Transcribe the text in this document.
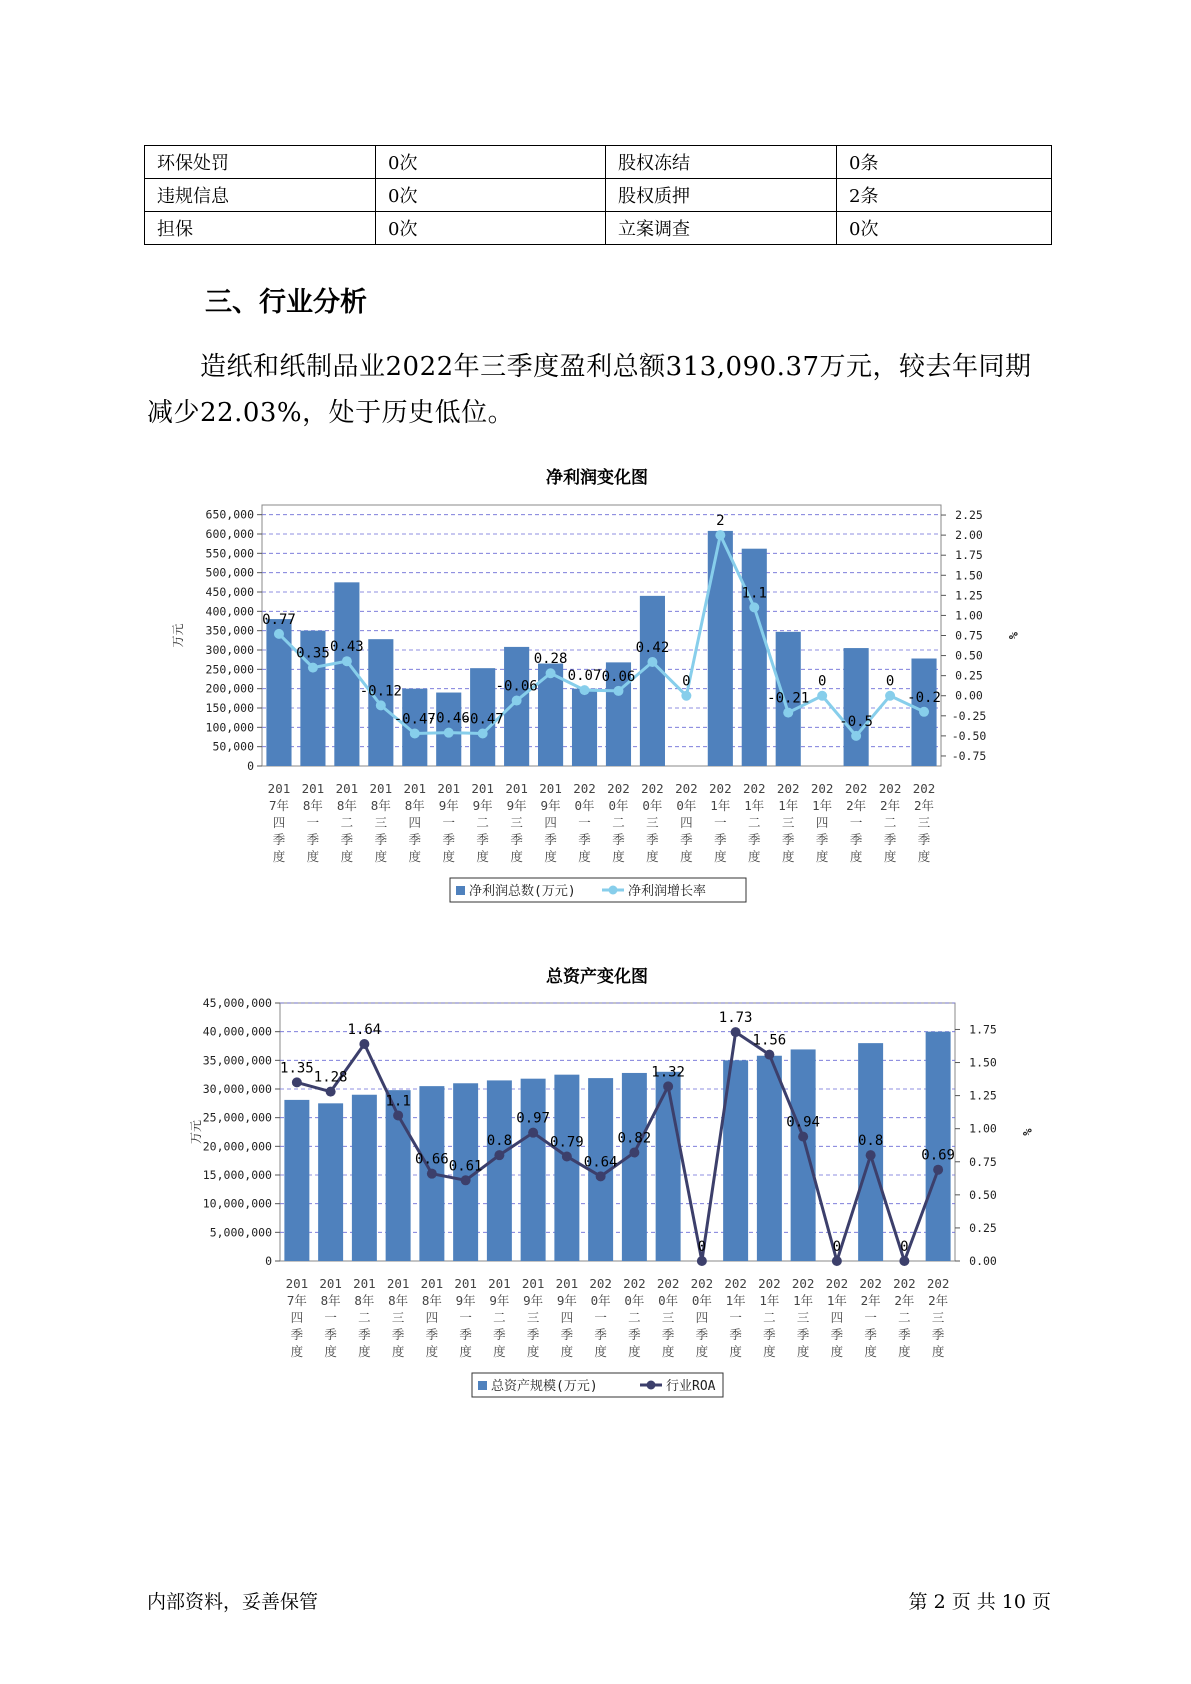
环保处罚	0次	股权冻结	0条
违规信息	0次	股权质押	2条
担保	0次	立案调查	0次
三、行业分析

造纸和纸制品业2022年三季度盈利总额313,090.37万元，较去年同期减少22.03%，处于历史低位。

净利润变化图
0
50,000
100,000
150,000
200,000
250,000
300,000
350,000
400,000
450,000
500,000
550,000
600,000
650,000
-0.75
-0.50
-0.25
0.00
0.25
0.50
0.75
1.00
1.25
1.50
1.75
2.00
2.25
万元	%
201
7年
四
季
度
201
8年
一
季
度
201
8年
二
季
度
201
8年
三
季
度
201
8年
四
季
度
201
9年
一
季
度
201
9年
二
季
度
201
9年
三
季
度
201
9年
四
季
度
202
0年
一
季
度
202
0年
二
季
度
202
0年
三
季
度
202
0年
四
季
度
202
1年
一
季
度
202
1年
二
季
度
202
1年
三
季
度
202
1年
四
季
度
202
2年
一
季
度
202
2年
二
季
度
202
2年
三
季
度
0.77
0.35 0.43
-0.12
-0.47
-0.46
-0.47
-0.06
0.28
0.07 0.06
0.42
0
2
1.1
-0.21
0
-0.5
0
-0.2
净利润总数(万元)	净利润增长率
总资产变化图
0
5,000,000
10,000,000
15,000,000
20,000,000
25,000,000
30,000,000
35,000,000
40,000,000
45,000,000
0.00
0.25
0.50
0.75
1.00
1.25
1.50
1.75
万元	%
201
7年
四
季
度
201
8年
一
季
度
201
8年
二
季
度
201
8年
三
季
度
201
8年
四
季
度
201
9年
一
季
度
201
9年
二
季
度
201
9年
三
季
度
201
9年
四
季
度
202
0年
一
季
度
202
0年
二
季
度
202
0年
三
季
度
202
0年
四
季
度
202
1年
一
季
度
202
1年
二
季
度
202
1年
三
季
度
202
1年
四
季
度
202
2年
一
季
度
202
2年
二
季
度
202
2年
三
季
度
1.35
1.28
1.64
1.1
0.66 0.61
0.8
0.97
0.79
0.64
0.82
1.32
0
1.73
1.56
0.94
0
0.8
0
0.69
总资产规模(万元)	行业ROA
内部资料，妥善保管	第 2 页 共 10 页
